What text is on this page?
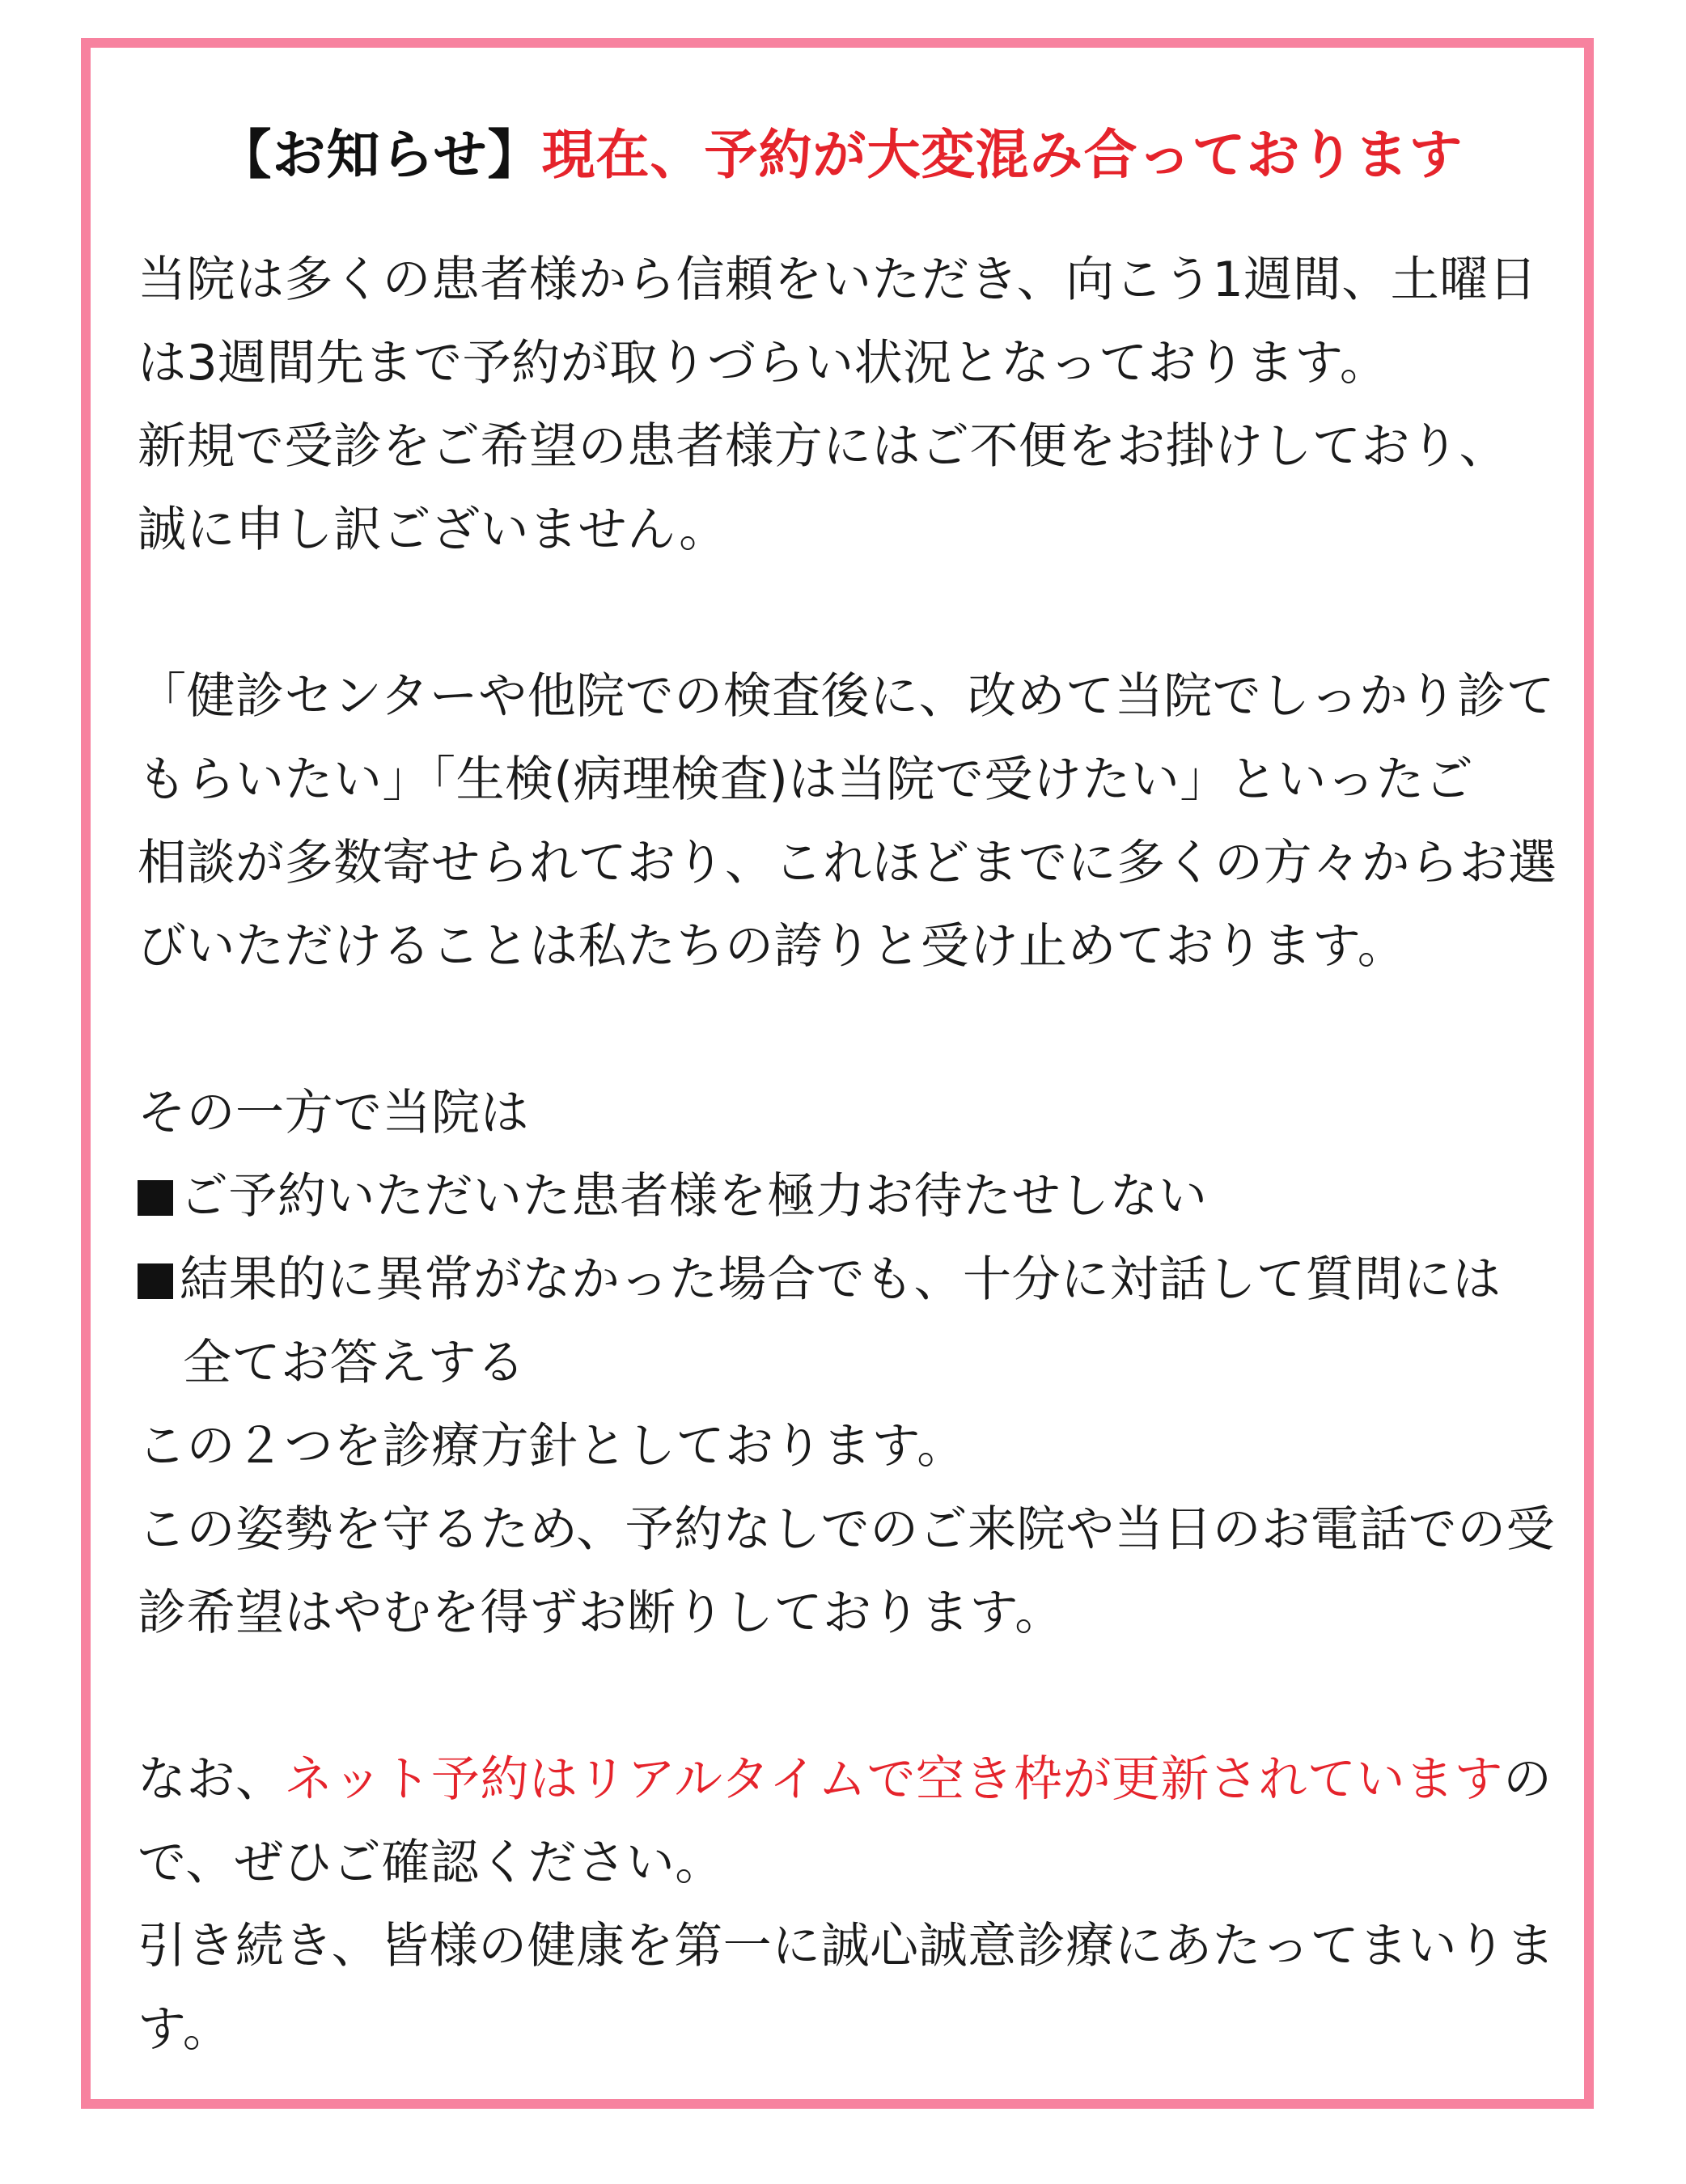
【お知らせ】現在、予約が大変混み合っております

当院は多くの患者様から信頼をいただき、向こう1週間、土曜日
は3週間先まで予約が取りづらい状況となっております。
新規で受診をご希望の患者様方にはご不便をお掛けしており、
誠に申し訳ございません。

「健診センターや他院での検査後に、改めて当院でしっかり診て
もらいたい」「生検(病理検査)は当院で受けたい」といったご
相談が多数寄せられており、これほどまでに多くの方々からお選
びいただけることは私たちの誇りと受け止めております。

その一方で当院は
ご予約いただいた患者様を極力お待たせしない
結果的に異常がなかった場合でも、十分に対話して質問には
全てお答えする
この２つを診療方針としております。
この姿勢を守るため、予約なしでのご来院や当日のお電話での受
診希望はやむを得ずお断りしております。

なお、ネット予約はリアルタイムで空き枠が更新されていますの
で、ぜひご確認ください。
引き続き、皆様の健康を第一に誠心誠意診療にあたってまいりま
す。
